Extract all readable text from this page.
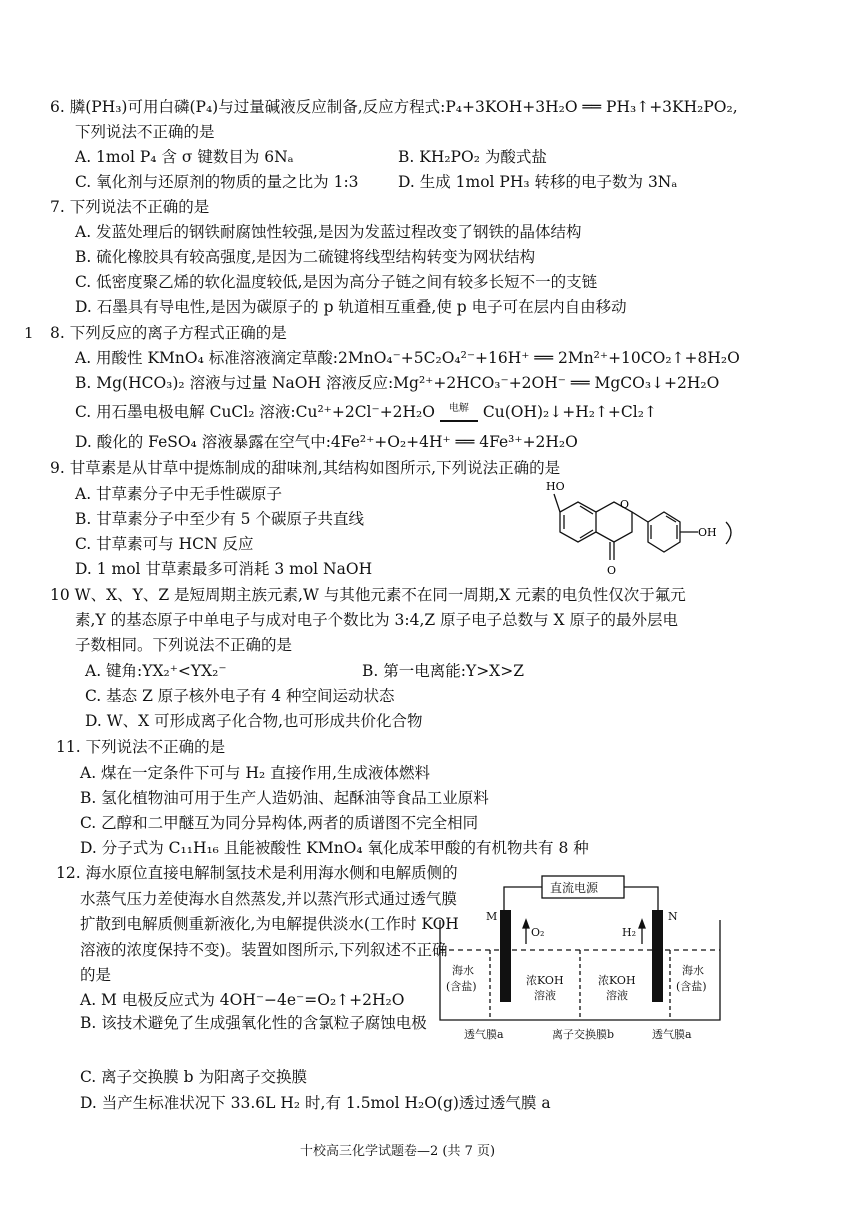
6. 膦(PH₃)可用白磷(P₄)与过量碱液反应制备,反应方程式:P₄+3KOH+3H₂O ══ PH₃↑+3KH₂PO₂,
下列说法不正确的是
A. 1mol P₄ 含 σ 键数目为 6Nₐ	B. KH₂PO₂ 为酸式盐
C. 氧化剂与还原剂的物质的量之比为 1:3	D. 生成 1mol PH₃ 转移的电子数为 3Nₐ
7. 下列说法不正确的是
A. 发蓝处理后的钢铁耐腐蚀性较强,是因为发蓝过程改变了钢铁的晶体结构
B. 硫化橡胶具有较高强度,是因为二硫键将线型结构转变为网状结构
C. 低密度聚乙烯的软化温度较低,是因为高分子链之间有较多长短不一的支链
D. 石墨具有导电性,是因为碳原子的 p 轨道相互重叠,使 p 电子可在层内自由移动
1 8. 下列反应的离子方程式正确的是
A. 用酸性 KMnO₄ 标准溶液滴定草酸:2MnO₄⁻+5C₂O₄²⁻+16H⁺ ══ 2Mn²⁺+10CO₂↑+8H₂O
B. Mg(HCO₃)₂ 溶液与过量 NaOH 溶液反应:Mg²⁺+2HCO₃⁻+2OH⁻ ══ MgCO₃↓+2H₂O
C. 用石墨电极电解 CuCl₂ 溶液:Cu²⁺+2Cl⁻+2H₂O	电解 Cu(OH)₂↓+H₂↑+Cl₂↑
D. 酸化的 FeSO₄ 溶液暴露在空气中:4Fe²⁺+O₂+4H⁺ ══ 4Fe³⁺+2H₂O
9. 甘草素是从甘草中提炼制成的甜味剂,其结构如图所示,下列说法正确的是
A. 甘草素分子中无手性碳原子
B. 甘草素分子中至少有 5 个碳原子共直线
C. 甘草素可与 HCN 反应
D. 1 mol 甘草素最多可消耗 3 mol NaOH
HO
OH
O
O
10 W、X、Y、Z 是短周期主族元素,W 与其他元素不在同一周期,X 元素的电负性仅次于氟元
素,Y 的基态原子中单电子与成对电子个数比为 3:4,Z 原子电子总数与 X 原子的最外层电
子数相同。下列说法不正确的是
A. 键角:YX₂⁺<YX₂⁻	B. 第一电离能:Y>X>Z
C. 基态 Z 原子核外电子有 4 种空间运动状态
D. W、X 可形成离子化合物,也可形成共价化合物
11. 下列说法不正确的是
A. 煤在一定条件下可与 H₂ 直接作用,生成液体燃料
B. 氢化植物油可用于生产人造奶油、起酥油等食品工业原料
C. 乙醇和二甲醚互为同分异构体,两者的质谱图不完全相同
D. 分子式为 C₁₁H₁₆ 且能被酸性 KMnO₄ 氧化成苯甲酸的有机物共有 8 种
12. 海水原位直接电解制氢技术是利用海水侧和电解质侧的水蒸气压力差使海水自然蒸发,并以蒸汽形式通过透气膜扩散到电解质侧重新液化,为电解提供淡水(工作时 KOH 溶液的浓度保持不变)。装置如图所示,下列叙述不正确的是
A. M 电极反应式为 4OH⁻−4e⁻=O₂↑+2H₂O
B. 该技术避免了生成强氧化性的含氯粒子腐蚀电极
C. 离子交换膜 b 为阳离子交换膜
D. 当产生标准状况下 33.6L H₂ 时,有 1.5mol H₂O(g)透过透气膜 a
直流电源
M	N
O₂	H₂
海水
(含盐)	浓KOH
溶液
浓KOH
溶液
海水
(含盐)
透气膜a	离子交换膜b	透气膜a
十校高三化学试题卷—2 (共 7 页)
